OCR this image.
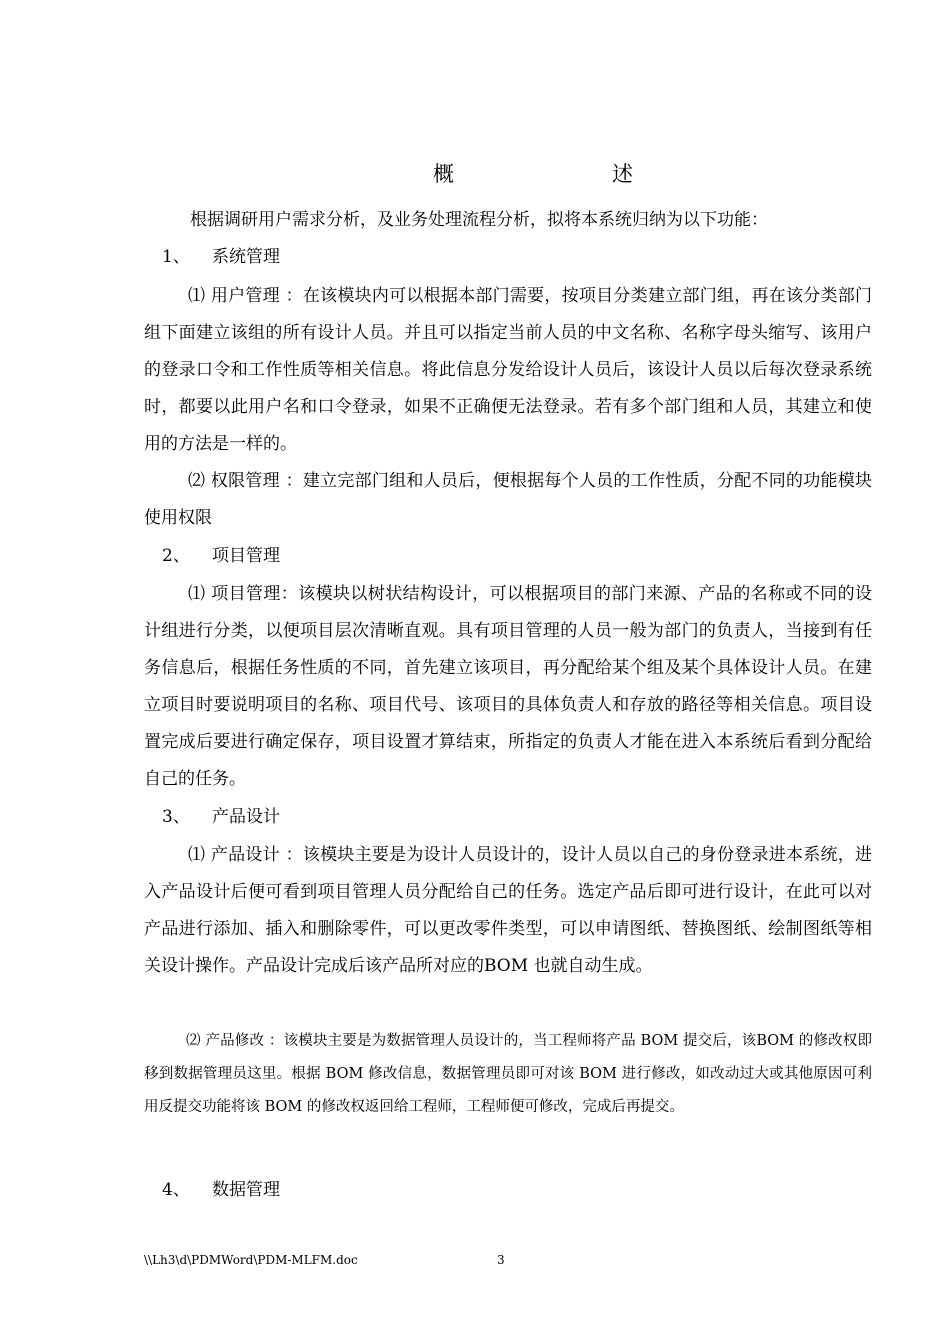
概	述
根据调研用户需求分析，及业务处理流程分析，拟将本系统归纳为以下功能：
1、 系统管理

⑴ 用户管理 ：在该模块内可以根据本部门需要，按项目分类建立部门组，再在该分类部门组下面建立该组的所有设计人员。并且可以指定当前人员的中文名称、名称字母头缩写、该用户的登录口令和工作性质等相关信息。将此信息分发给设计人员后，该设计人员以后每次登录系统时，都要以此用户名和口令登录，如果不正确便无法登录。若有多个部门组和人员，其建立和使用的方法是一样的。

⑵ 权限管理 ：建立完部门组和人员后，便根据每个人员的工作性质，分配不同的功能模块使用权限

2、 项目管理

⑴ 项目管理：该模块以树状结构设计，可以根据项目的部门来源、产品的名称或不同的设计组进行分类，以便项目层次清晰直观。具有项目管理的人员一般为部门的负责人，当接到有任务信息后，根据任务性质的不同，首先建立该项目，再分配给某个组及某个具体设计人员。在建立项目时要说明项目的名称、项目代号、该项目的具体负责人和存放的路径等相关信息。项目设置完成后要进行确定保存，项目设置才算结束，所指定的负责人才能在进入本系统后看到分配给自己的任务。

3、 产品设计

⑴ 产品设计 ：该模块主要是为设计人员设计的，设计人员以自己的身份登录进本系统，进入产品设计后便可看到项目管理人员分配给自己的任务。选定产品后即可进行设计，在此可以对产品进行添加、插入和删除零件，可以更改零件类型，可以申请图纸、替换图纸、绘制图纸等相关设计操作。产品设计完成后该产品所对应的BOM 也就自动生成。

⑵ 产品修改 ：该模块主要是为数据管理人员设计的，当工程师将产品 BOM 提交后，该BOM 的修改权即移到数据管理员这里。根据 BOM 修改信息，数据管理员即可对该 BOM 进行修改，如改动过大或其他原因可利用反提交功能将该 BOM 的修改权返回给工程师，工程师便可修改，完成后再提交。

4、 数据管理
\\Lh3\d\PDMWord\PDM-MLFM.doc	3
